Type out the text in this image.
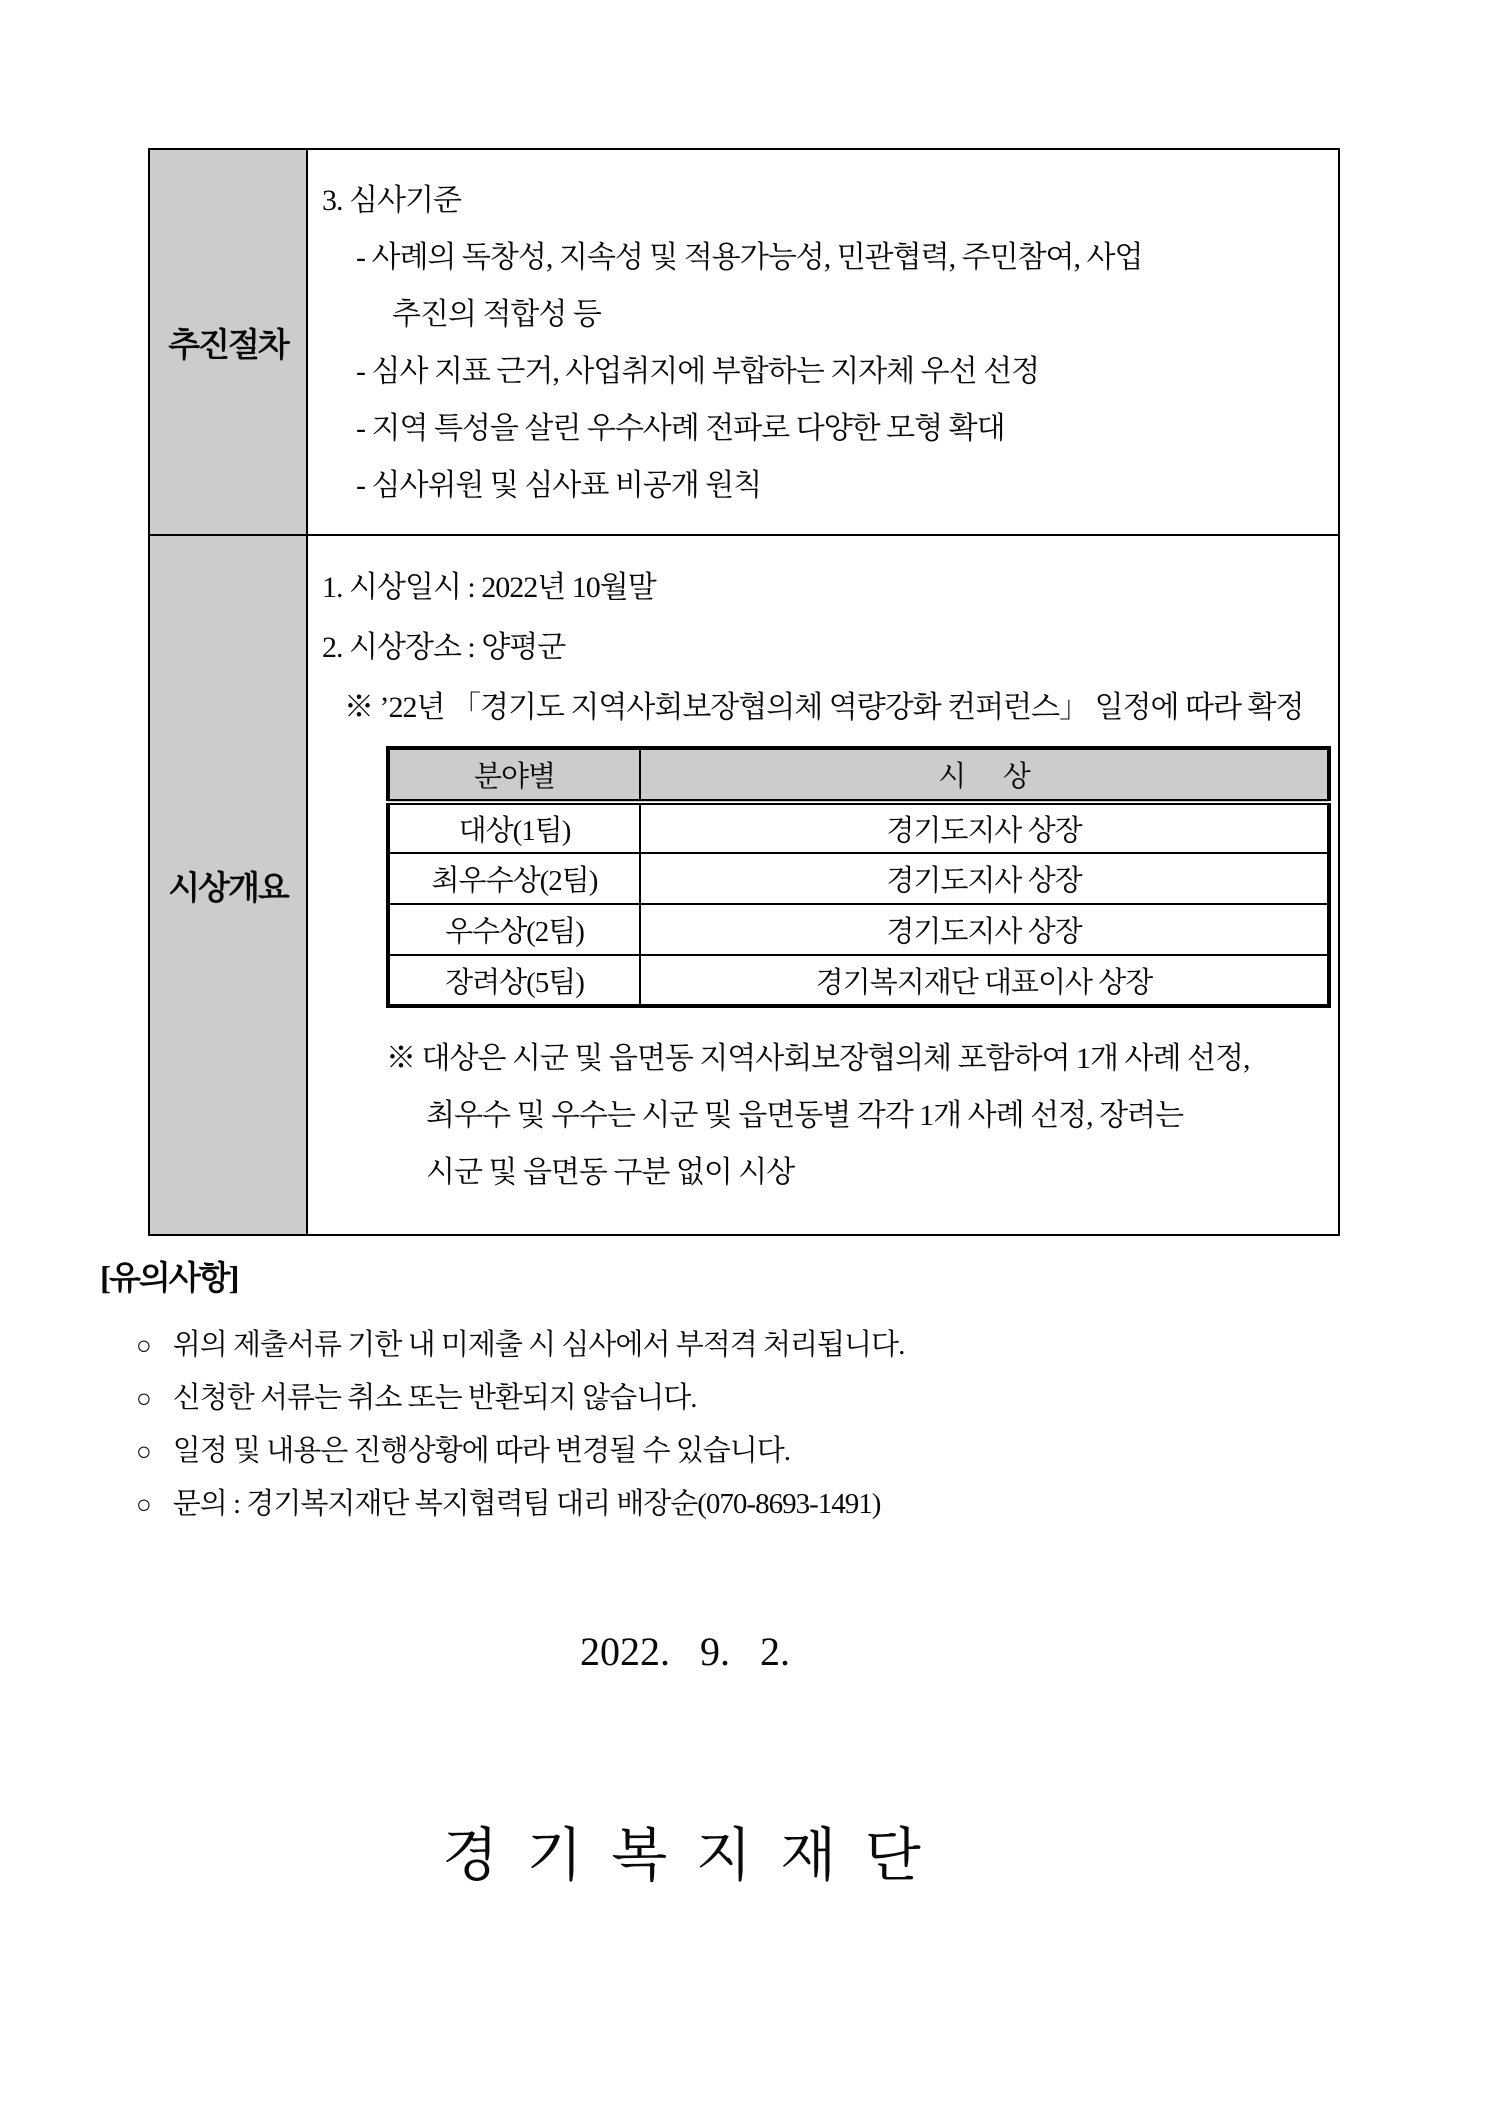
추진절차	
3. 심사기준
- 사례의 독창성, 지속성 및 적용가능성, 민관협력, 주민참여, 사업
추진의 적합성 등
- 심사 지표 근거, 사업취지에 부합하는 지자체 우선 선정
- 지역 특성을 살린 우수사례 전파로 다양한 모형 확대
- 심사위원 및 심사표 비공개 원칙

시상개요	
1. 시상일시 : 2022년 10월말
2. 시상장소 : 양평군
※ ’22년 「경기도 지역사회보장협의체 역량강화 컨퍼런스」 일정에 따라 확정
분야별	시      상
대상(1팀)	경기도지사 상장
최우수상(2팀)	경기도지사 상장
우수상(2팀)	경기도지사 상장
장려상(5팀)	경기복지재단 대표이사 상장
※ 대상은 시군 및 읍면동 지역사회보장협의체 포함하여 1개 사례 선정,
최우수 및 우수는 시군 및 읍면동별 각각 1개 사례 선정, 장려는
시군 및 읍면동 구분 없이 시상
[유의사항]
○ 위의 제출서류 기한 내 미제출 시 심사에서 부적격 처리됩니다.
○ 신청한 서류는 취소 또는 반환되지 않습니다.
○ 일정 및 내용은 진행상황에 따라 변경될 수 있습니다.
○ 문의 : 경기복지재단 복지협력팀 대리 배장순(070-8693-1491)
2022.   9.   2.
경 기 복 지 재 단
